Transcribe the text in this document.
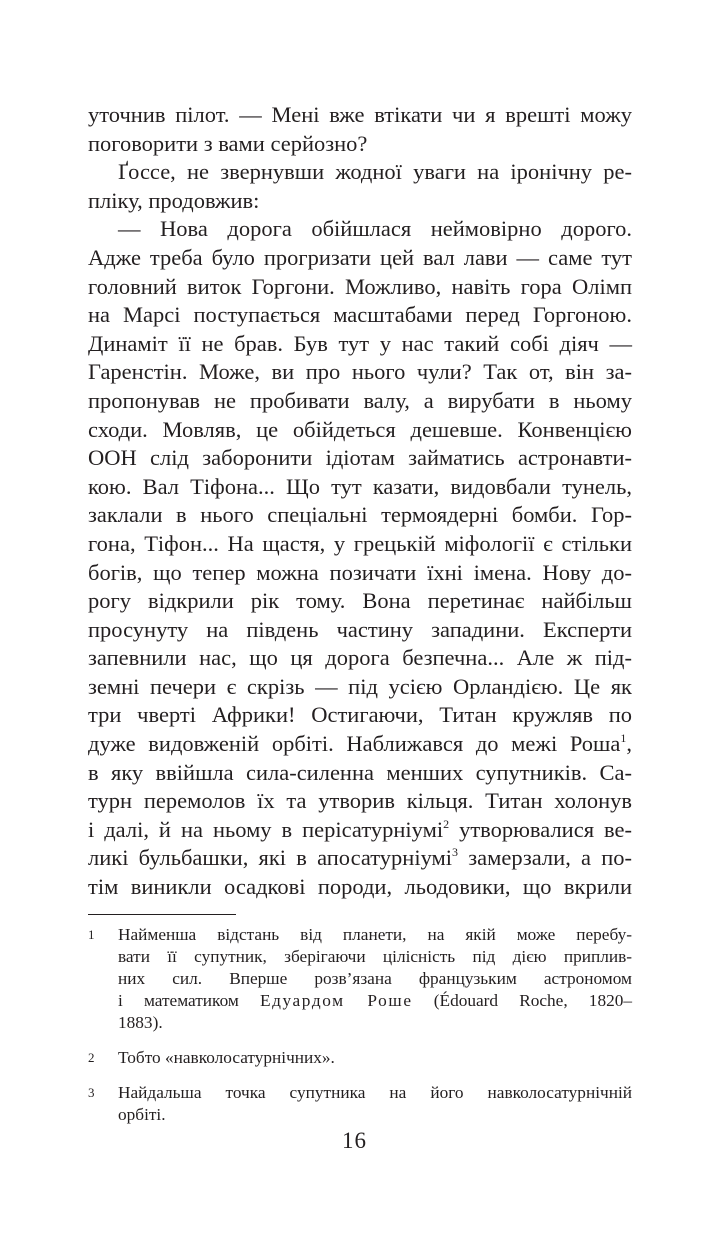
уточнив пілот. — Мені вже втікати чи я врешті можу
поговорити з вами серйозно?
Ґоссе, не звернувши жодної уваги на іронічну ре-
пліку, продовжив:
— Нова дорога обійшлася неймовірно дорого.
Адже треба було прогризати цей вал лави — саме тут
головний виток Горгони. Можливо, навіть гора Олімп
на Марсі поступається масштабами перед Горгоною.
Динаміт її не брав. Був тут у нас такий собі діяч —
Гаренстін. Може, ви про нього чули? Так от, він за-
пропонував не пробивати валу, а вирубати в ньому
сходи. Мовляв, це обійдеться дешевше. Конвенцією
ООН слід заборонити ідіотам займатись астронавти-
кою. Вал Тіфона... Що тут казати, видовбали тунель,
заклали в нього спеціальні термоядерні бомби. Гор-
гона, Тіфон... На щастя, у грецькій міфології є стільки
богів, що тепер можна позичати їхні імена. Нову до-
рогу відкрили рік тому. Вона перетинає найбільш
просунуту на південь частину западини. Експерти
запевнили нас, що ця дорога безпечна... Але ж під-
земні печери є скрізь — під усією Орландією. Це як
три чверті Африки! Остигаючи, Титан кружляв по
дуже видовженій орбіті. Наближався до межі Роша$^1$,
в яку ввійшла сила-силенна менших супутників. Са-
турн перемолов їх та утворив кільця. Титан холонув
і далі, й на ньому в перісатурніумі$^2$ утворювалися ве-
ликі бульбашки, які в апосатурніумі$^3$ замерзали, а по-
тім виникли осадкові породи, льодовики, що вкрили
1 Найменша відстань від планети, на якій може перебу-
вати її супутник, зберігаючи цілісність під дією приплив-
них сил. Вперше розв’язана французьким астрономом
і математиком Едуардом Роше (Édouard Roche, 1820–
1883).
2 Тобто «навколосатурнічних».
3 Найдальша точка супутника на його навколосатурнічній
орбіті.
16
